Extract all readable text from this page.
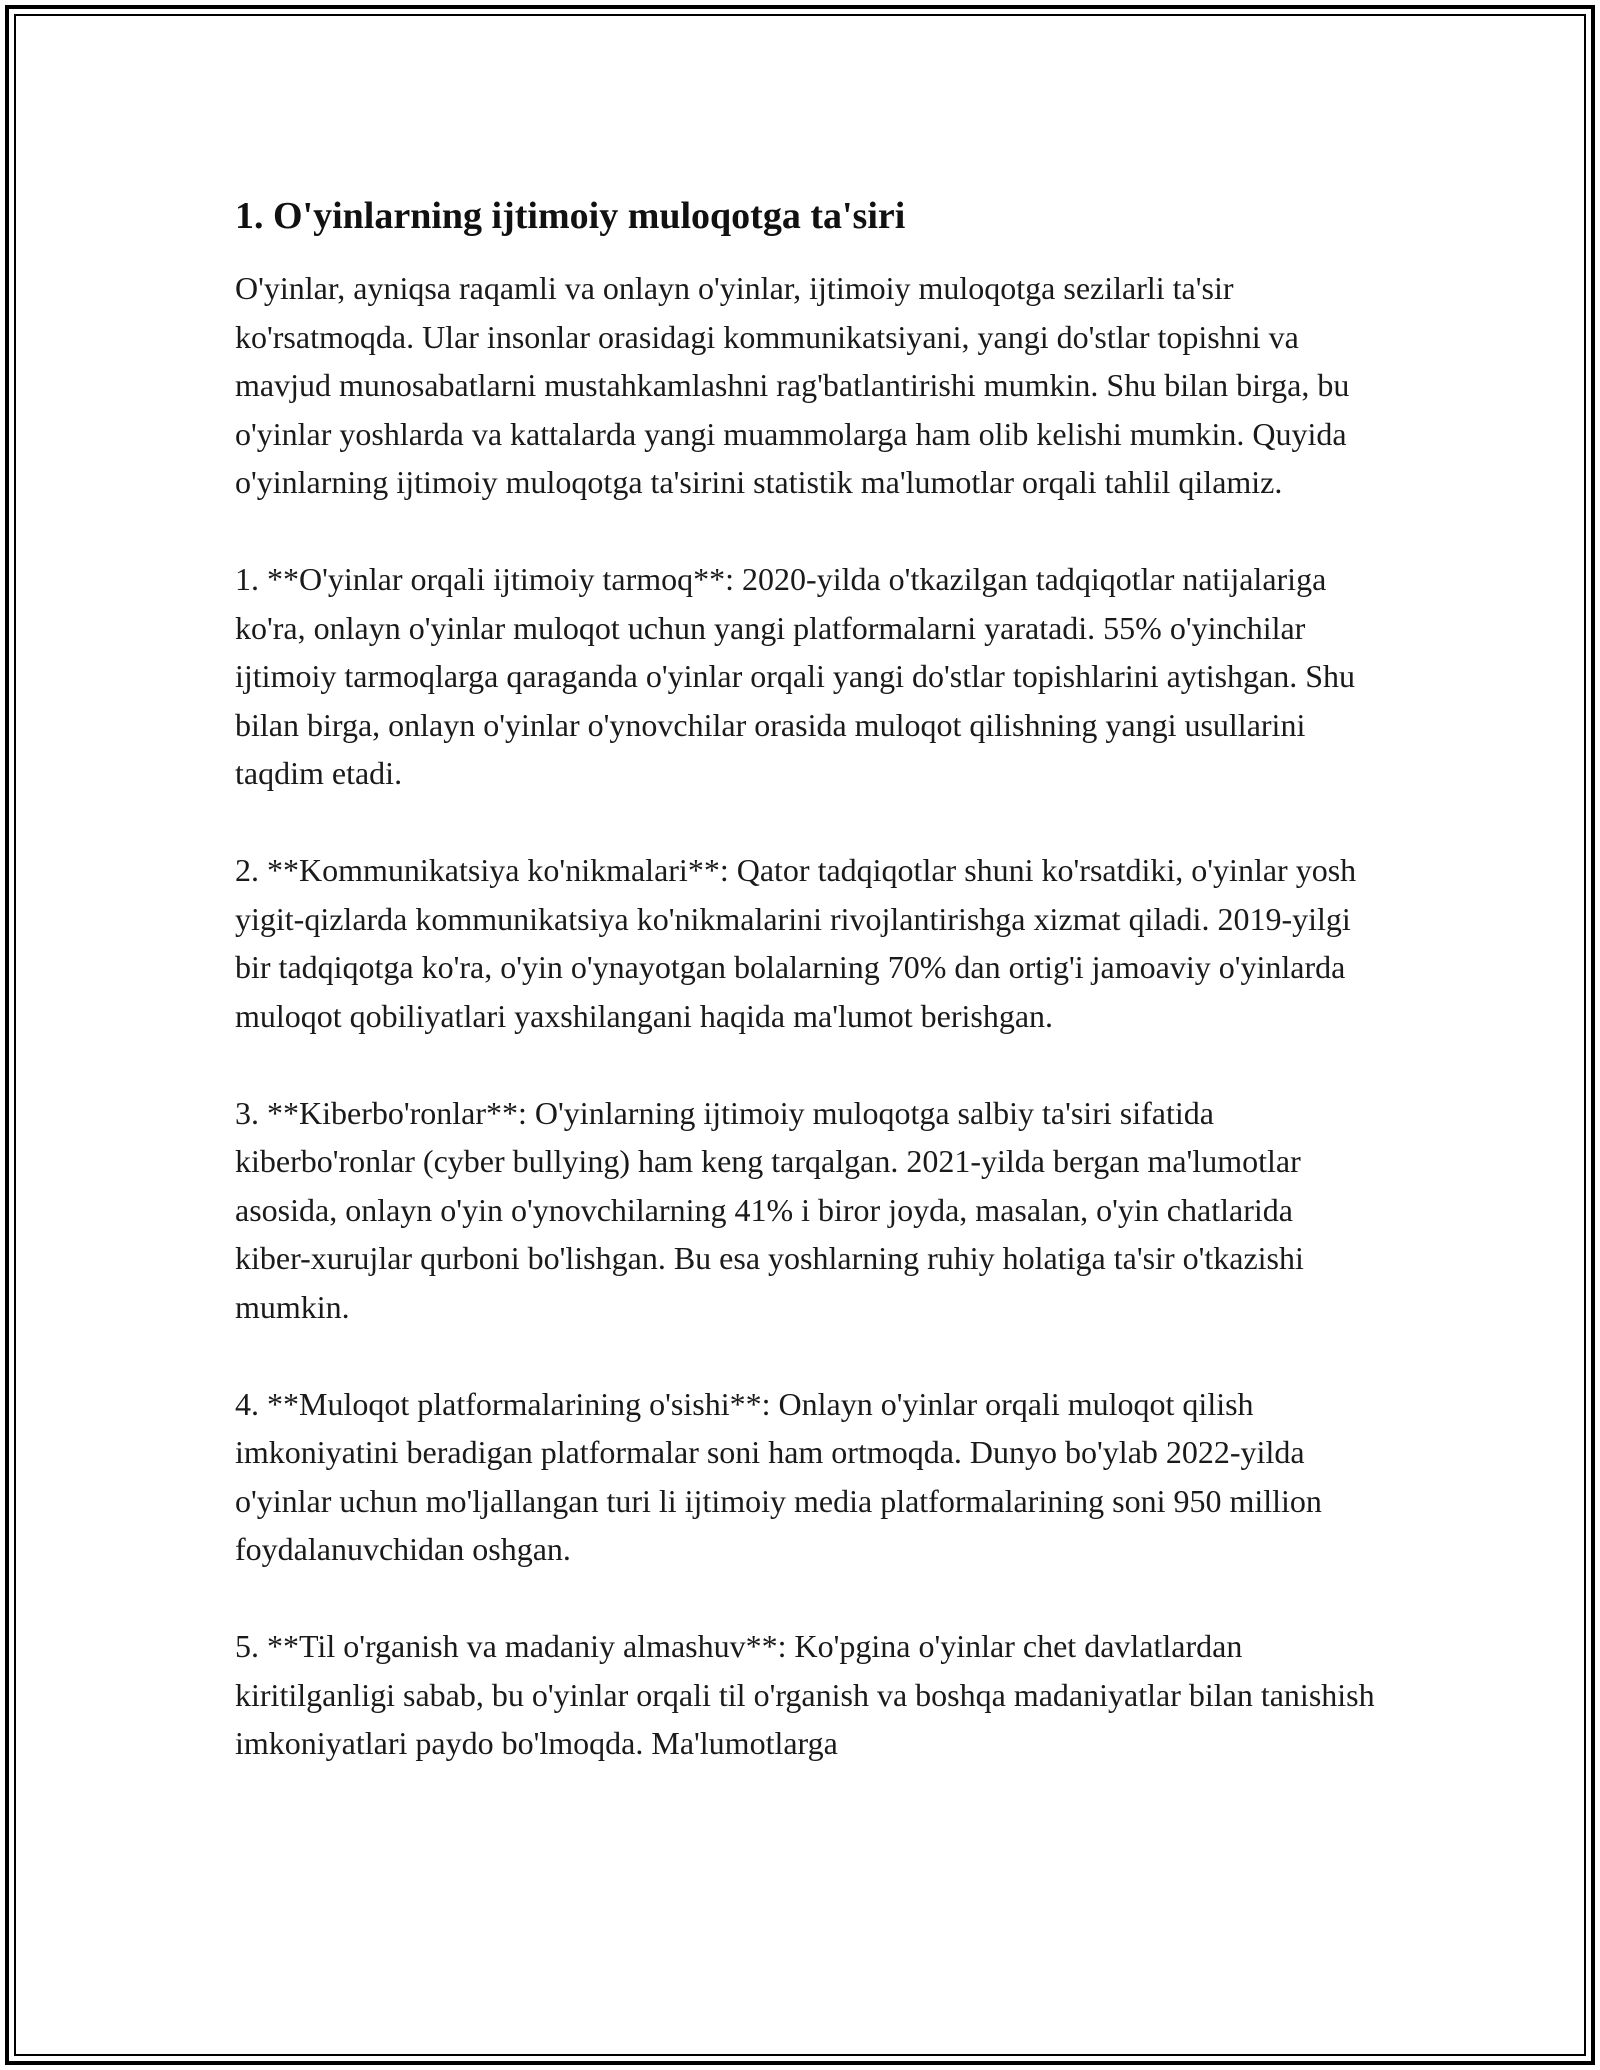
1. O'yinlarning ijtimoiy muloqotga ta'siri

O'yinlar, ayniqsa raqamli va onlayn o'yinlar, ijtimoiy muloqotga sezilarli ta'sir ko'rsatmoqda. Ular insonlar orasidagi kommunikatsiyani, yangi do'stlar topishni va mavjud munosabatlarni mustahkamlashni rag'batlantirishi mumkin. Shu bilan birga, bu o'yinlar yoshlarda va kattalarda yangi muammolarga ham olib kelishi mumkin. Quyida o'yinlarning ijtimoiy muloqotga ta'sirini statistik ma'lumotlar orqali tahlil qilamiz.

1. **O'yinlar orqali ijtimoiy tarmoq**: 2020-yilda o'tkazilgan tadqiqotlar natijalariga ko'ra, onlayn o'yinlar muloqot uchun yangi platformalarni yaratadi. 55% o'yinchilar ijtimoiy tarmoqlarga qaraganda o'yinlar orqali yangi do'stlar topishlarini aytishgan. Shu bilan birga, onlayn o'yinlar o'ynovchilar orasida muloqot qilishning yangi usullarini taqdim etadi.

2. **Kommunikatsiya ko'nikmalari**: Qator tadqiqotlar shuni ko'rsatdiki, o'yinlar yosh yigit-qizlarda kommunikatsiya ko'nikmalarini rivojlantirishga xizmat qiladi. 2019-yilgi bir tadqiqotga ko'ra, o'yin o'ynayotgan bolalarning 70% dan ortig'i jamoaviy o'yinlarda muloqot qobiliyatlari yaxshilangani haqida ma'lumot berishgan.

3. **Kiberbo'ronlar**: O'yinlarning ijtimoiy muloqotga salbiy ta'siri sifatida kiberbo'ronlar (cyber bullying) ham keng tarqalgan. 2021-yilda bergan ma'lumotlar asosida, onlayn o'yin o'ynovchilarning 41% i biror joyda, masalan, o'yin chatlarida kiber-xurujlar qurboni bo'lishgan. Bu esa yoshlarning ruhiy holatiga ta'sir o'tkazishi mumkin.

4. **Muloqot platformalarining o'sishi**: Onlayn o'yinlar orqali muloqot qilish imkoniyatini beradigan platformalar soni ham ortmoqda. Dunyo bo'ylab 2022-yilda o'yinlar uchun mo'ljallangan turi li ijtimoiy media platformalarining soni 950 million foydalanuvchidan oshgan.

5. **Til o'rganish va madaniy almashuv**: Ko'pgina o'yinlar chet davlatlardan kiritilganligi sabab, bu o'yinlar orqali til o'rganish va boshqa madaniyatlar bilan tanishish imkoniyatlari paydo bo'lmoqda. Ma'lumotlarga
